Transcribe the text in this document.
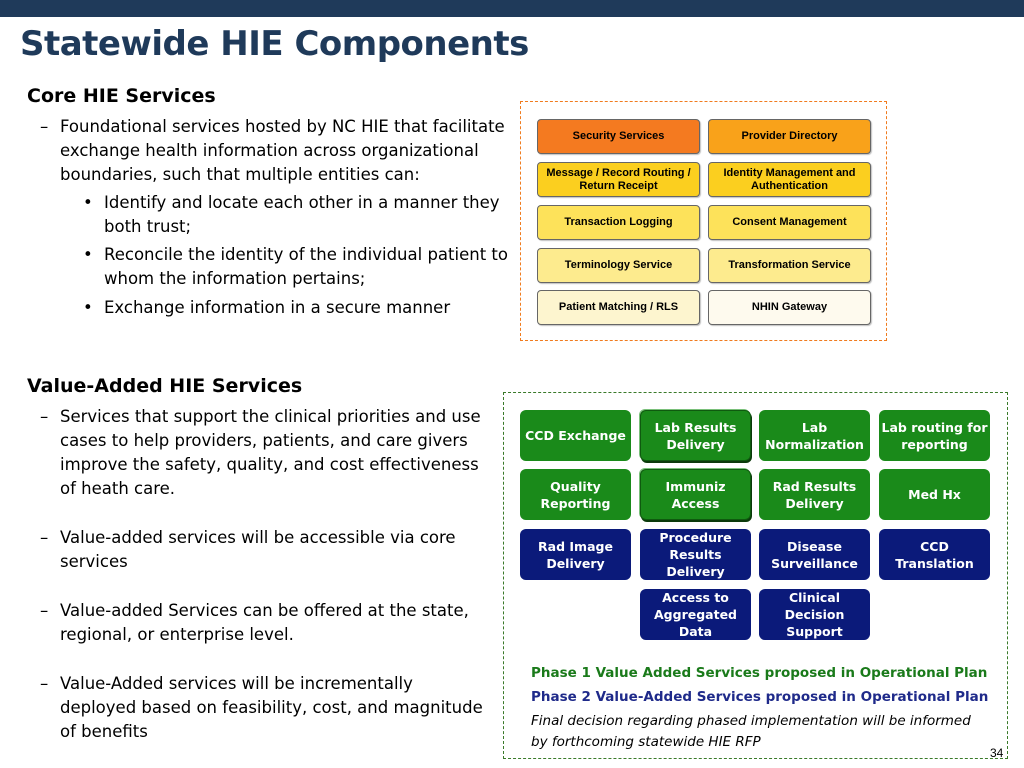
Statewide HIE Components
Core HIE Services
– Foundational services hosted by NC HIE that facilitate
exchange health information across organizational
boundaries, such that multiple entities can:
• Identify and locate each other in a manner they
both trust;
• Reconcile the identity of the individual patient to
whom the information pertains;
• Exchange information in a secure manner
Security Services	Provider Directory
Message / Record Routing / Return Receipt
Identity Management and Authentication
Transaction Logging	Consent Management
Terminology Service	Transformation Service
Patient Matching / RLS	NHIN Gateway
Value-Added HIE Services
– Services that support the clinical priorities and use
cases to help providers, patients, and care givers
improve the safety, quality, and cost effectiveness
of heath care.
– Value-added services will be accessible via core
services
– Value-added Services can be offered at the state,
regional, or enterprise level.
– Value-Added services will be incrementally
deployed based on feasibility, cost, and magnitude
of benefits
CCD Exchange
Lab Results Delivery
Lab Normalization
Lab routing for reporting
Quality Reporting
Immuniz Access
Rad Results Delivery
Med Hx
Rad Image Delivery
Procedure Results Delivery
Disease Surveillance
CCD Translation
Access to Aggregated Data
Clinical Decision Support
Phase 1 Value Added Services proposed in Operational Plan
Phase 2 Value-Added Services proposed in Operational Plan
Final decision regarding phased implementation will be informed
by forthcoming statewide HIE RFP
34
